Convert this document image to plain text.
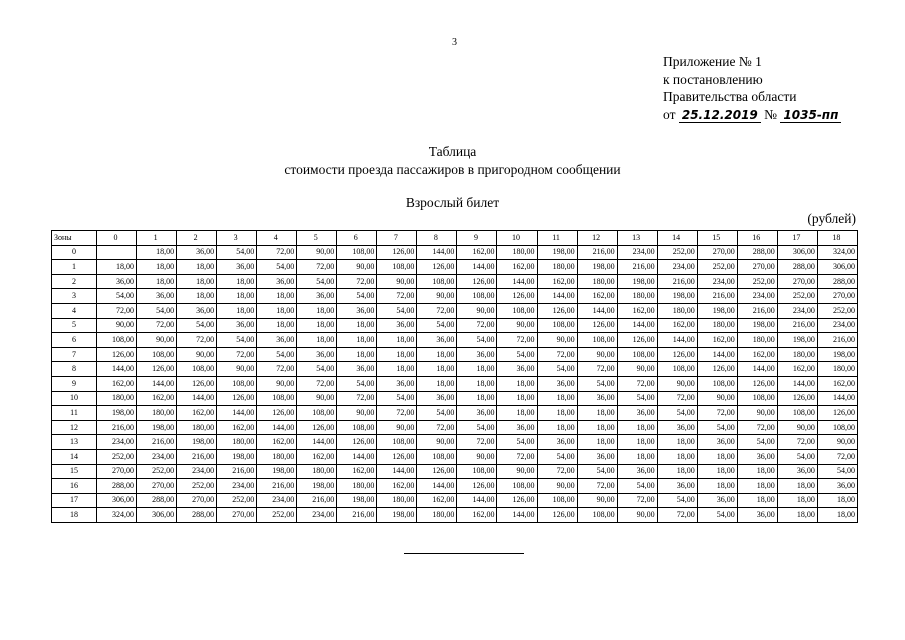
3
Приложение № 1
к постановлению
Правительства области
от 25.12.2019 № 1035-пп
Таблица
стоимости проезда пассажиров в пригородном сообщении
Взрослый билет
(рублей)
Зоны	0	1	2	3	4	5	6	7	8	9	10	11	12	13	14	15	16	17	18
0		18,00	36,00	54,00	72,00	90,00	108,00	126,00	144,00	162,00	180,00	198,00	216,00	234,00	252,00	270,00	288,00	306,00	324,00
1	18,00	18,00	18,00	36,00	54,00	72,00	90,00	108,00	126,00	144,00	162,00	180,00	198,00	216,00	234,00	252,00	270,00	288,00	306,00
2	36,00	18,00	18,00	18,00	36,00	54,00	72,00	90,00	108,00	126,00	144,00	162,00	180,00	198,00	216,00	234,00	252,00	270,00	288,00
3	54,00	36,00	18,00	18,00	18,00	36,00	54,00	72,00	90,00	108,00	126,00	144,00	162,00	180,00	198,00	216,00	234,00	252,00	270,00
4	72,00	54,00	36,00	18,00	18,00	18,00	36,00	54,00	72,00	90,00	108,00	126,00	144,00	162,00	180,00	198,00	216,00	234,00	252,00
5	90,00	72,00	54,00	36,00	18,00	18,00	18,00	36,00	54,00	72,00	90,00	108,00	126,00	144,00	162,00	180,00	198,00	216,00	234,00
6	108,00	90,00	72,00	54,00	36,00	18,00	18,00	18,00	36,00	54,00	72,00	90,00	108,00	126,00	144,00	162,00	180,00	198,00	216,00
7	126,00	108,00	90,00	72,00	54,00	36,00	18,00	18,00	18,00	36,00	54,00	72,00	90,00	108,00	126,00	144,00	162,00	180,00	198,00
8	144,00	126,00	108,00	90,00	72,00	54,00	36,00	18,00	18,00	18,00	36,00	54,00	72,00	90,00	108,00	126,00	144,00	162,00	180,00
9	162,00	144,00	126,00	108,00	90,00	72,00	54,00	36,00	18,00	18,00	18,00	36,00	54,00	72,00	90,00	108,00	126,00	144,00	162,00
10	180,00	162,00	144,00	126,00	108,00	90,00	72,00	54,00	36,00	18,00	18,00	18,00	36,00	54,00	72,00	90,00	108,00	126,00	144,00
11	198,00	180,00	162,00	144,00	126,00	108,00	90,00	72,00	54,00	36,00	18,00	18,00	18,00	36,00	54,00	72,00	90,00	108,00	126,00
12	216,00	198,00	180,00	162,00	144,00	126,00	108,00	90,00	72,00	54,00	36,00	18,00	18,00	18,00	36,00	54,00	72,00	90,00	108,00
13	234,00	216,00	198,00	180,00	162,00	144,00	126,00	108,00	90,00	72,00	54,00	36,00	18,00	18,00	18,00	36,00	54,00	72,00	90,00
14	252,00	234,00	216,00	198,00	180,00	162,00	144,00	126,00	108,00	90,00	72,00	54,00	36,00	18,00	18,00	18,00	36,00	54,00	72,00
15	270,00	252,00	234,00	216,00	198,00	180,00	162,00	144,00	126,00	108,00	90,00	72,00	54,00	36,00	18,00	18,00	18,00	36,00	54,00
16	288,00	270,00	252,00	234,00	216,00	198,00	180,00	162,00	144,00	126,00	108,00	90,00	72,00	54,00	36,00	18,00	18,00	18,00	36,00
17	306,00	288,00	270,00	252,00	234,00	216,00	198,00	180,00	162,00	144,00	126,00	108,00	90,00	72,00	54,00	36,00	18,00	18,00	18,00
18	324,00	306,00	288,00	270,00	252,00	234,00	216,00	198,00	180,00	162,00	144,00	126,00	108,00	90,00	72,00	54,00	36,00	18,00	18,00
